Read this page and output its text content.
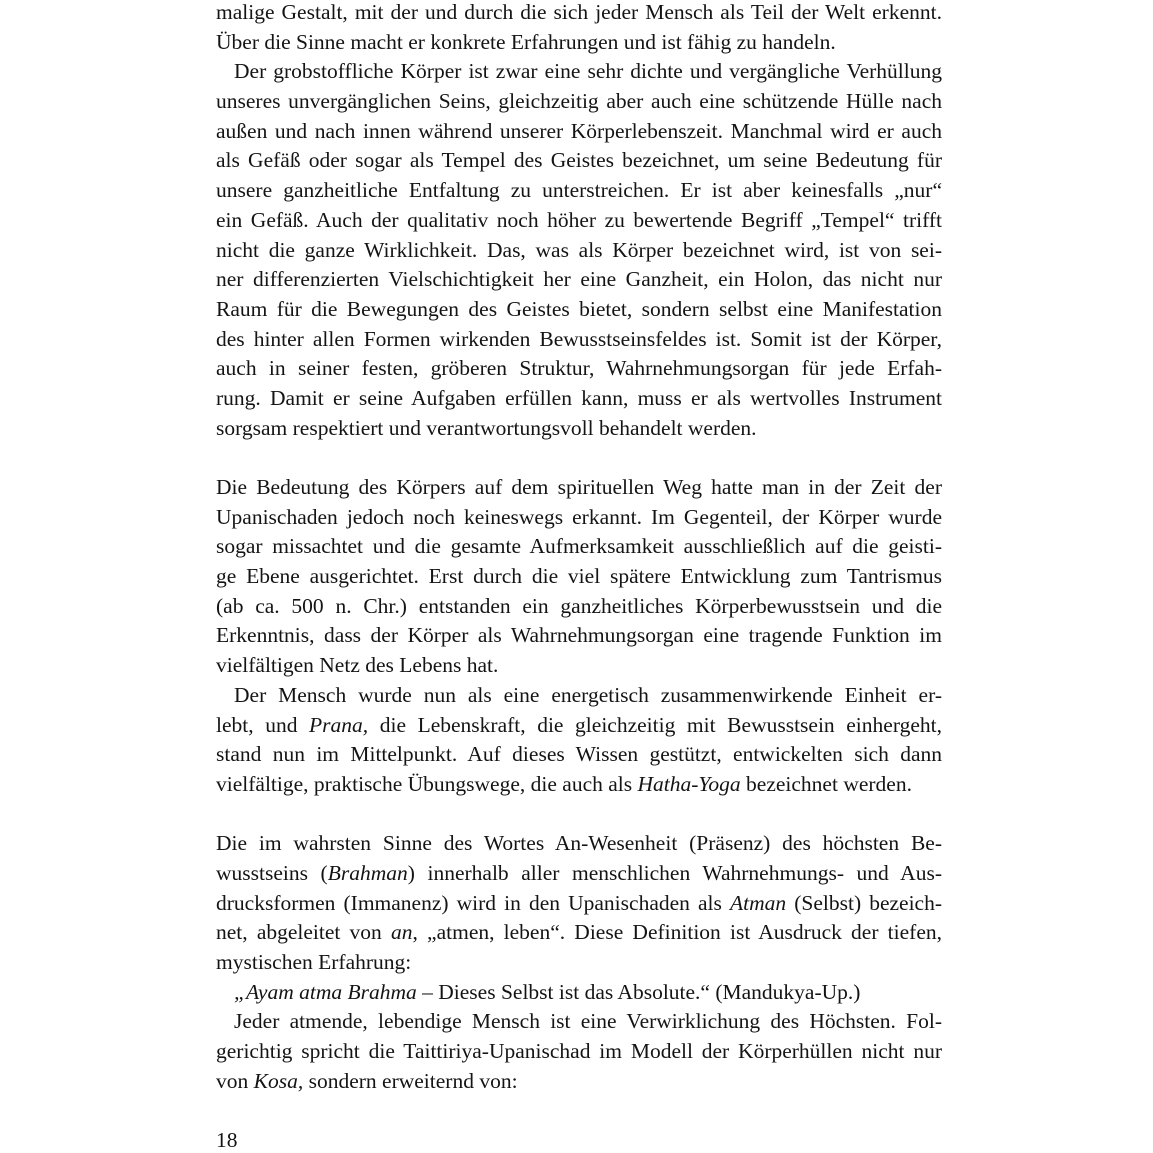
malige Gestalt, mit der und durch die sich jeder Mensch als Teil der Welt erkennt.
Über die Sinne macht er konkrete Erfahrungen und ist fähig zu handeln.
Der grobstoffliche Körper ist zwar eine sehr dichte und vergängliche Verhüllung
unseres unvergänglichen Seins, gleichzeitig aber auch eine schützende Hülle nach
außen und nach innen während unserer Körperlebenszeit. Manchmal wird er auch
als Gefäß oder sogar als Tempel des Geistes bezeichnet, um seine Bedeutung für
unsere ganzheitliche Entfaltung zu unterstreichen. Er ist aber keinesfalls „nur“
ein Gefäß. Auch der qualitativ noch höher zu bewertende Begriff „Tempel“ trifft
nicht die ganze Wirklichkeit. Das, was als Körper bezeichnet wird, ist von sei-
ner differenzierten Vielschichtigkeit her eine Ganzheit, ein Holon, das nicht nur
Raum für die Bewegungen des Geistes bietet, sondern selbst eine Manifestation
des hinter allen Formen wirkenden Bewusstseinsfeldes ist. Somit ist der Körper,
auch in seiner festen, gröberen Struktur, Wahrnehmungsorgan für jede Erfah-
rung. Damit er seine Aufgaben erfüllen kann, muss er als wertvolles Instrument
sorgsam respektiert und verantwortungsvoll behandelt werden.
Die Bedeutung des Körpers auf dem spirituellen Weg hatte man in der Zeit der
Upanischaden jedoch noch keineswegs erkannt. Im Gegenteil, der Körper wurde
sogar missachtet und die gesamte Aufmerksamkeit ausschließlich auf die geisti-
ge Ebene ausgerichtet. Erst durch die viel spätere Entwicklung zum Tantrismus
(ab ca. 500 n. Chr.) entstanden ein ganzheitliches Körperbewusstsein und die
Erkenntnis, dass der Körper als Wahrnehmungsorgan eine tragende Funktion im
vielfältigen Netz des Lebens hat.
Der Mensch wurde nun als eine energetisch zusammenwirkende Einheit er-
lebt, und Prana, die Lebenskraft, die gleichzeitig mit Bewusstsein einhergeht,
stand nun im Mittelpunkt. Auf dieses Wissen gestützt, entwickelten sich dann
vielfältige, praktische Übungswege, die auch als Hatha-Yoga bezeichnet werden.
Die im wahrsten Sinne des Wortes An-Wesenheit (Präsenz) des höchsten Be-
wusstseins (Brahman) innerhalb aller menschlichen Wahrnehmungs- und Aus-
drucksformen (Immanenz) wird in den Upanischaden als Atman (Selbst) bezeich-
net, abgeleitet von an, „atmen, leben“. Diese Definition ist Ausdruck der tiefen,
mystischen Erfahrung:
„Ayam atma Brahma – Dieses Selbst ist das Absolute.“ (Mandukya-Up.)
Jeder atmende, lebendige Mensch ist eine Verwirklichung des Höchsten. Fol-
gerichtig spricht die Taittiriya-Upanischad im Modell der Körperhüllen nicht nur
von Kosa, sondern erweiternd von:
18
